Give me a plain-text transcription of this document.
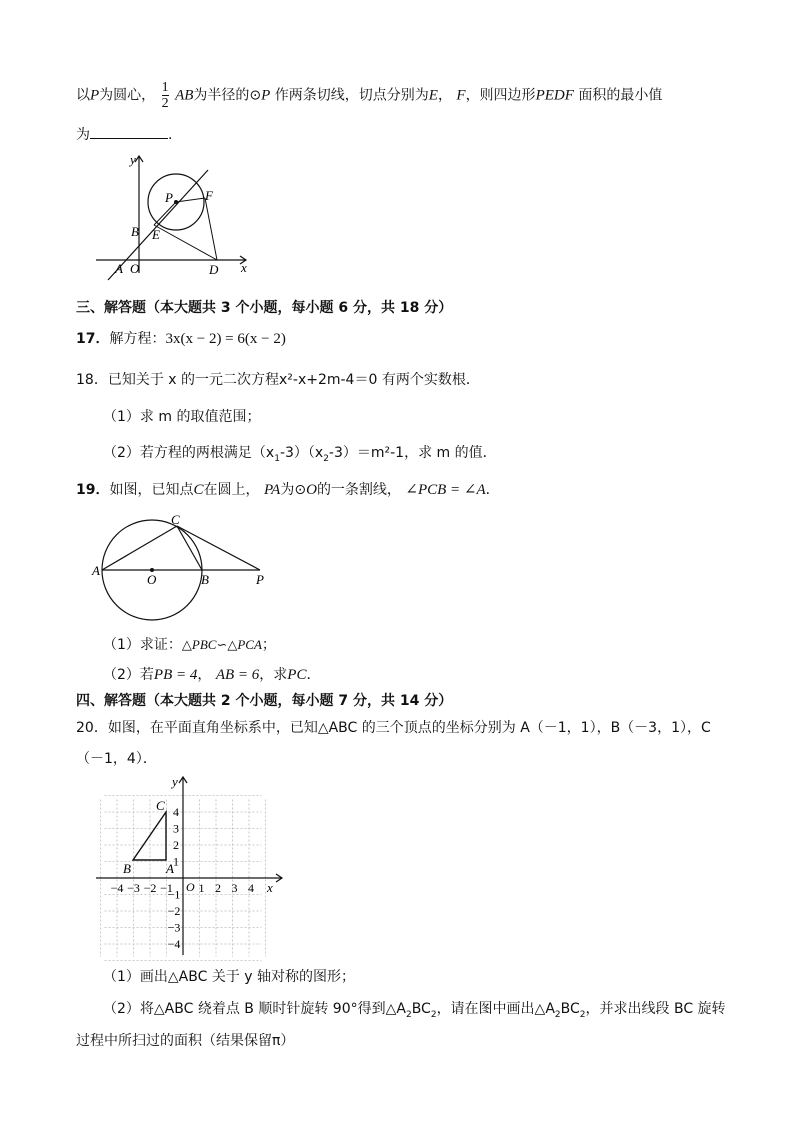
以P为圆心， $\frac{1}{2}$ AB为半径的⊙P 作两条切线，切点分别为E， F，则四边形PEDF 面积的最小值
为	.
y
x
P F
B E
A O	D
三、解答题（本大题共 3 个小题，每小题 6 分，共 18 分）
17．解方程：3x(x − 2) = 6(x − 2)
18．已知关于 x 的一元二次方程x²-x+2m-4＝0 有两个实数根．
（1）求 m 的取值范围；
（2）若方程的两根满足$(x_1-3)(x_2-3)=m^2-1$，求 m 的值．
19．如图，已知点C在圆上， PA为⊙O的一条割线， ∠PCB = ∠A．
A
O	B	P
C
（1）求证：△PBC∽△PCA；
（2）若PB = 4， AB = 6，求PC．
四、解答题（本大题共 2 个小题，每小题 7 分，共 14 分）
20．如图，在平面直角坐标系中，已知△ABC 的三个顶点的坐标分别为 A（－1，1），B（－3，1），C
（－1，4）．
y
x
C
B	A
O
−4 −3 −2 −1 1 2 3 4
4
3
2
1
−1
−2
−3
−4
（1）画出△ABC 关于 y 轴对称的图形；
（2）将△ABC 绕着点 B 顺时针旋转 90°得到$\triangle A_2BC_2$，请在图中画出$\triangle A_2BC_2$，并求出线段 BC 旋转
过程中所扫过的面积（结果保留π）
